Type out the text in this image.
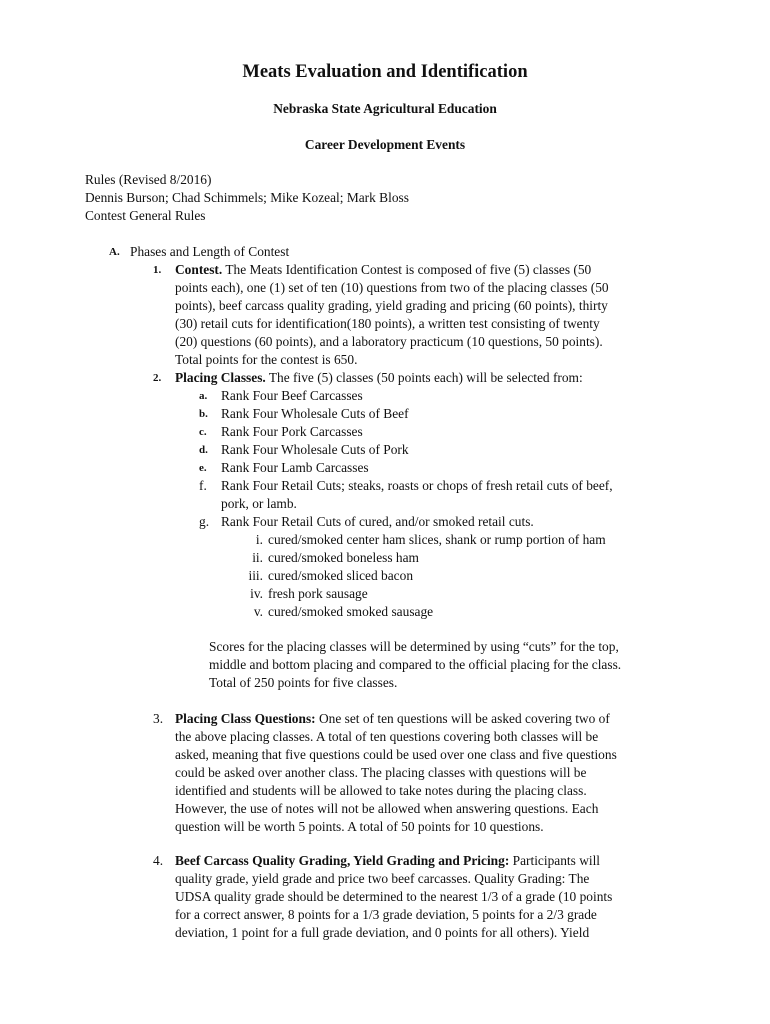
Meats Evaluation and Identification
Nebraska State Agricultural Education
Career Development Events
Rules (Revised 8/2016)
Dennis Burson; Chad Schimmels; Mike Kozeal; Mark Bloss
Contest General Rules
A. Phases and Length of Contest
1. Contest. The Meats Identification Contest is composed of five (5) classes (50

points each), one (1) set of ten (10) questions from two of the placing classes (50

points), beef carcass quality grading, yield grading and pricing (60 points), thirty

(30) retail cuts for identification(180 points), a written test consisting of twenty

(20) questions (60 points), and a laboratory practicum (10 questions, 50 points).

Total points for the contest is 650.

2. Placing Classes. The five (5) classes (50 points each) will be selected from:
a. Rank Four Beef Carcasses
b. Rank Four Wholesale Cuts of Beef
c. Rank Four Pork Carcasses
d. Rank Four Wholesale Cuts of Pork
e. Rank Four Lamb Carcasses
f. Rank Four Retail Cuts; steaks, roasts or chops of fresh retail cuts of beef,
pork, or lamb.
g. Rank Four Retail Cuts of cured, and/or smoked retail cuts.
i. cured/smoked center ham slices, shank or rump portion of ham
ii. cured/smoked boneless ham
iii. cured/smoked sliced bacon
iv. fresh pork sausage
v. cured/smoked smoked sausage

Scores for the placing classes will be determined by using “cuts” for the top,

middle and bottom placing and compared to the official placing for the class.

Total of 250 points for five classes.

3. Placing Class Questions: One set of ten questions will be asked covering two of

the above placing classes. A total of ten questions covering both classes will be

asked, meaning that five questions could be used over one class and five questions

could be asked over another class. The placing classes with questions will be

identified and students will be allowed to take notes during the placing class.

However, the use of notes will not be allowed when answering questions. Each

question will be worth 5 points. A total of 50 points for 10 questions.

4. Beef Carcass Quality Grading, Yield Grading and Pricing: Participants will

quality grade, yield grade and price two beef carcasses. Quality Grading: The

UDSA quality grade should be determined to the nearest 1/3 of a grade (10 points

for a correct answer, 8 points for a 1/3 grade deviation, 5 points for a 2/3 grade

deviation, 1 point for a full grade deviation, and 0 points for all others). Yield
